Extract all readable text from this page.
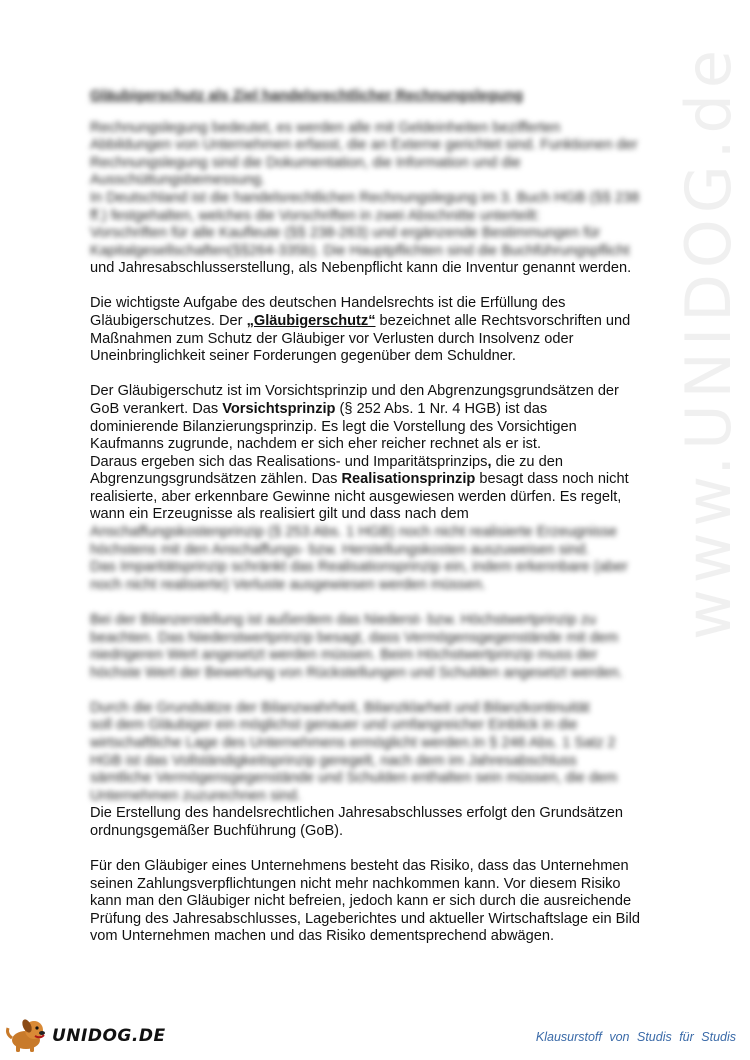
www.UNIDOG.de
Gläubigerschutz als Ziel handelsrechtlicher Rechnungslegung
Rechnungslegung bedeutet, es werden alle mit Geldeinheiten bezifferten
Abbildungen von Unternehmen erfasst, die an Externe gerichtet sind. Funktionen der
Rechnungslegung sind die Dokumentation, die Information und die
Ausschüttungsbemessung.
In Deutschland ist die handelsrechtlichen Rechnungslegung im 3. Buch HGB (§§ 238
ff.) festgehalten, welches die Vorschriften in zwei Abschnitte unterteilt:
Vorschriften für alle Kaufleute (§§ 238-263) und ergänzende Bestimmungen für
Kapitalgesellschaften(§§264-335b). Die Hauptpflichten sind die Buchführungspflicht
und Jahresabschlusserstellung, als Nebenpflicht kann die Inventur genannt werden.
Die wichtigste Aufgabe des deutschen Handelsrechts ist die Erfüllung des
Gläubigerschutzes. Der „Gläubigerschutz“ bezeichnet alle Rechtsvorschriften und
Maßnahmen zum Schutz der Gläubiger vor Verlusten durch Insolvenz oder
Uneinbringlichkeit seiner Forderungen gegenüber dem Schuldner.
Der Gläubigerschutz ist im Vorsichtsprinzip und den Abgrenzungsgrundsätzen der
GoB verankert. Das Vorsichtsprinzip (§ 252 Abs. 1 Nr. 4 HGB) ist das
dominierende Bilanzierungsprinzip. Es legt die Vorstellung des Vorsichtigen
Kaufmanns zugrunde, nachdem er sich eher reicher rechnet als er ist.
Daraus ergeben sich das Realisations- und Imparitätsprinzips, die zu den
Abgrenzungsgrundsätzen zählen. Das Realisationsprinzip besagt dass noch nicht
realisierte, aber erkennbare Gewinne nicht ausgewiesen werden dürfen. Es regelt,
wann ein Erzeugnisse als realisiert gilt und dass nach dem
Anschaffungskostenprinzip (§ 253 Abs. 1 HGB) noch nicht realisierte Erzeugnisse
höchstens mit den Anschaffungs- bzw. Herstellungskosten auszuweisen sind.
Das Imparitätsprinzip schränkt das Realisationsprinzip ein, indem erkennbare (aber
noch nicht realisierte) Verluste ausgewiesen werden müssen.
Bei der Bilanzerstellung ist außerdem das Niederst- bzw. Höchstwertprinzip zu
beachten. Das Niederstwertprinzip besagt, dass Vermögensgegenstände mit dem
niedrigeren Wert angesetzt werden müssen. Beim Höchstwertprinzip muss der
höchste Wert der Bewertung von Rückstellungen und Schulden angesetzt werden.
Durch die Grundsätze der Bilanzwahrheit, Bilanzklarheit und Bilanzkontinuität
soll dem Gläubiger ein möglichst genauer und umfangreicher Einblick in die
wirtschaftliche Lage des Unternehmens ermöglicht werden.In § 246 Abs. 1 Satz 2
HGB ist das Vollständigkeitsprinzip geregelt, nach dem im Jahresabschluss
sämtliche Vermögensgegenstände und Schulden enthalten sein müssen, die dem
Unternehmen zuzurechnen sind.
Die Erstellung des handelsrechtlichen Jahresabschlusses erfolgt den Grundsätzen
ordnungsgemäßer Buchführung (GoB).
Für den Gläubiger eines Unternehmens besteht das Risiko, dass das Unternehmen
seinen Zahlungsverpflichtungen nicht mehr nachkommen kann. Vor diesem Risiko
kann man den Gläubiger nicht befreien, jedoch kann er sich durch die ausreichende
Prüfung des Jahresabschlusses, Lageberichtes und aktueller Wirtschaftslage ein Bild
vom Unternehmen machen und das Risiko dementsprechend abwägen.
UNIDOG.DE	Klausurstoff von Studis für Studis
